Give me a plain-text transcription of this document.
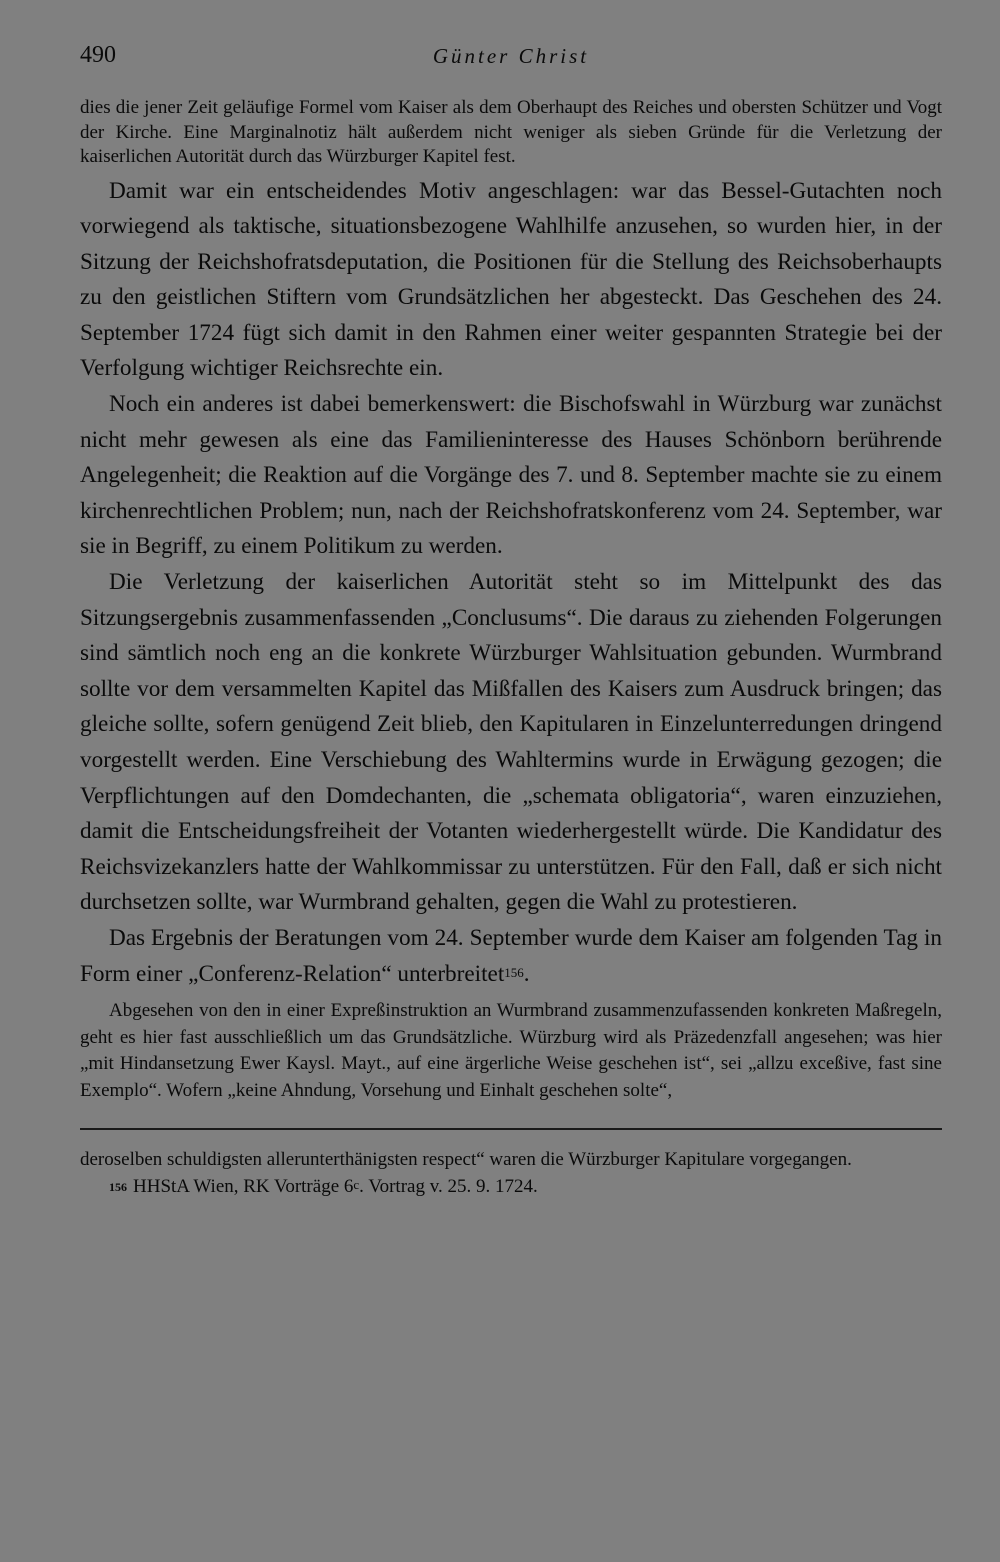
490	Günter Christ

dies die jener Zeit geläufige Formel vom Kaiser als dem Oberhaupt des Reiches und obersten Schützer und Vogt der Kirche. Eine Marginalnotiz hält außerdem nicht weniger als sieben Gründe für die Verletzung der kaiserlichen Autorität durch das Würzburger Kapitel fest.

Damit war ein entscheidendes Motiv angeschlagen: war das Bessel-Gutachten noch vorwiegend als taktische, situationsbezogene Wahlhilfe anzusehen, so wurden hier, in der Sitzung der Reichshofratsdeputation, die Positionen für die Stellung des Reichsoberhaupts zu den geistlichen Stiftern vom Grundsätzlichen her abgesteckt. Das Geschehen des 24. September 1724 fügt sich damit in den Rahmen einer weiter gespannten Strategie bei der Verfolgung wichtiger Reichsrechte ein.

Noch ein anderes ist dabei bemerkenswert: die Bischofswahl in Würzburg war zunächst nicht mehr gewesen als eine das Familieninteresse des Hauses Schönborn berührende Angelegenheit; die Reaktion auf die Vorgänge des 7. und 8. September machte sie zu einem kirchenrechtlichen Problem; nun, nach der Reichshofratskonferenz vom 24. September, war sie in Begriff, zu einem Politikum zu werden.

Die Verletzung der kaiserlichen Autorität steht so im Mittelpunkt des das Sitzungsergebnis zusammenfassenden „Conclusums“. Die daraus zu ziehenden Folgerungen sind sämtlich noch eng an die konkrete Würzburger Wahlsituation gebunden. Wurmbrand sollte vor dem versammelten Kapitel das Mißfallen des Kaisers zum Ausdruck bringen; das gleiche sollte, sofern genügend Zeit blieb, den Kapitularen in Einzelunterredungen dringend vorgestellt werden. Eine Verschiebung des Wahltermins wurde in Erwägung gezogen; die Verpflichtungen auf den Domdechanten, die „schemata obligatoria“, waren einzuziehen, damit die Entscheidungsfreiheit der Votanten wiederhergestellt würde. Die Kandidatur des Reichsvizekanzlers hatte der Wahlkommissar zu unterstützen. Für den Fall, daß er sich nicht durchsetzen sollte, war Wurmbrand gehalten, gegen die Wahl zu protestieren.

Das Ergebnis der Beratungen vom 24. September wurde dem Kaiser am folgenden Tag in Form einer „Conferenz-Relation“ unterbreitet$^{156}$.

Abgesehen von den in einer Expreßinstruktion an Wurmbrand zusammenzufassenden konkreten Maßregeln, geht es hier fast ausschließlich um das Grundsätzliche. Würzburg wird als Präzedenzfall angesehen; was hier „mit Hindansetzung Ewer Kaysl. Mayt., auf eine ärgerliche Weise geschehen ist“, sei „allzu exceßive, fast sine Exemplo“. Wofern „keine Ahndung, Vorsehung und Einhalt geschehen solte“,

deroselben schuldigsten allerunterthänigsten respect“ waren die Würzburger Kapitulare vorgegangen.

$^{156}$ HHStA Wien, RK Vorträge 6$^c$. Vortrag v. 25. 9. 1724.
